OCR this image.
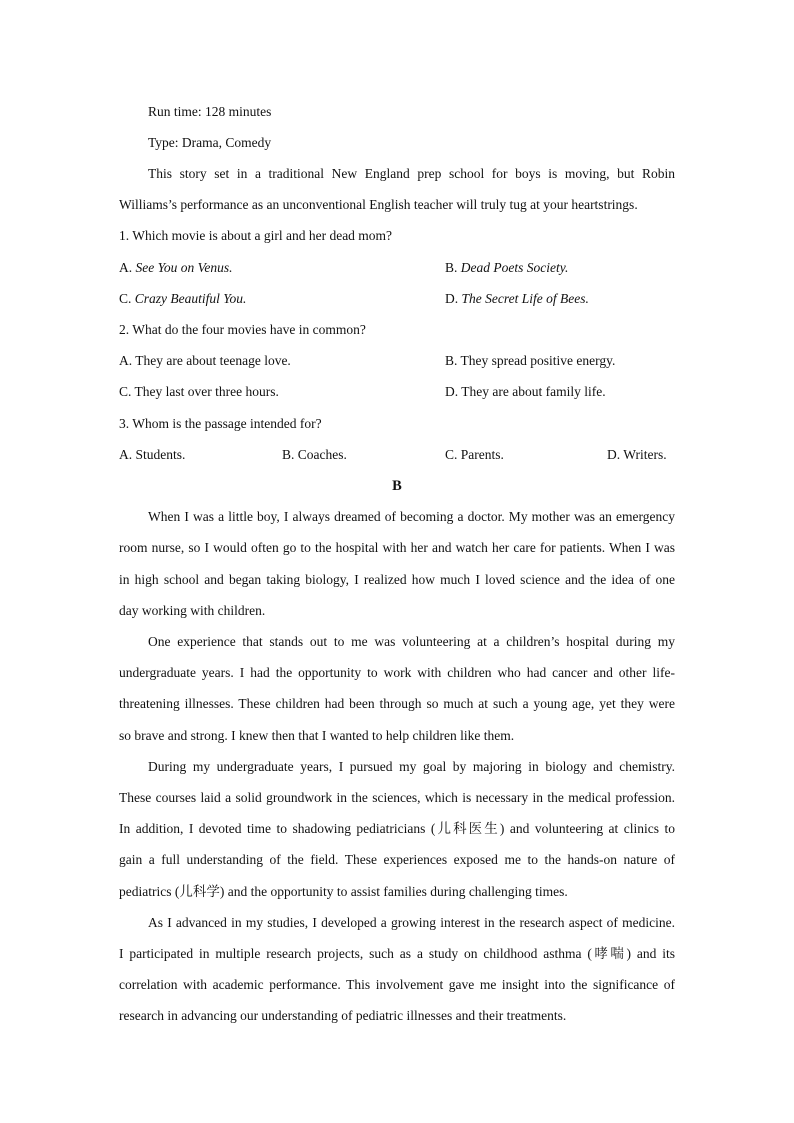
Run time: 128 minutes
Type: Drama, Comedy
This story set in a traditional New England prep school for boys is moving, but Robin
Williams’s performance as an unconventional English teacher will truly tug at your heartstrings.
1. Which movie is about a girl and her dead mom?
A. See You on Venus.	B. Dead Poets Society.
C. Crazy Beautiful You.	D. The Secret Life of Bees.
2. What do the four movies have in common?
A. They are about teenage love.	B. They spread positive energy.
C. They last over three hours.	D. They are about family life.
3. Whom is the passage intended for?
A. Students.	B. Coaches.	C. Parents.	D. Writers.
B
When I was a little boy, I always dreamed of becoming a doctor. My mother was an emergency
room nurse, so I would often go to the hospital with her and watch her care for patients. When I was
in high school and began taking biology, I realized how much I loved science and the idea of one
day working with children.
One experience that stands out to me was volunteering at a children’s hospital during my
undergraduate years. I had the opportunity to work with children who had cancer and other life-
threatening illnesses. These children had been through so much at such a young age, yet they were
so brave and strong. I knew then that I wanted to help children like them.
During my undergraduate years, I pursued my goal by majoring in biology and chemistry.
These courses laid a solid groundwork in the sciences, which is necessary in the medical profession.
In addition, I devoted time to shadowing pediatricians (儿科医生) and volunteering at clinics to
gain a full understanding of the field. These experiences exposed me to the hands-on nature of
pediatrics (儿科学) and the opportunity to assist families during challenging times.
As I advanced in my studies, I developed a growing interest in the research aspect of medicine.
I participated in multiple research projects, such as a study on childhood asthma (哮喘) and its
correlation with academic performance. This involvement gave me insight into the significance of
research in advancing our understanding of pediatric illnesses and their treatments.
